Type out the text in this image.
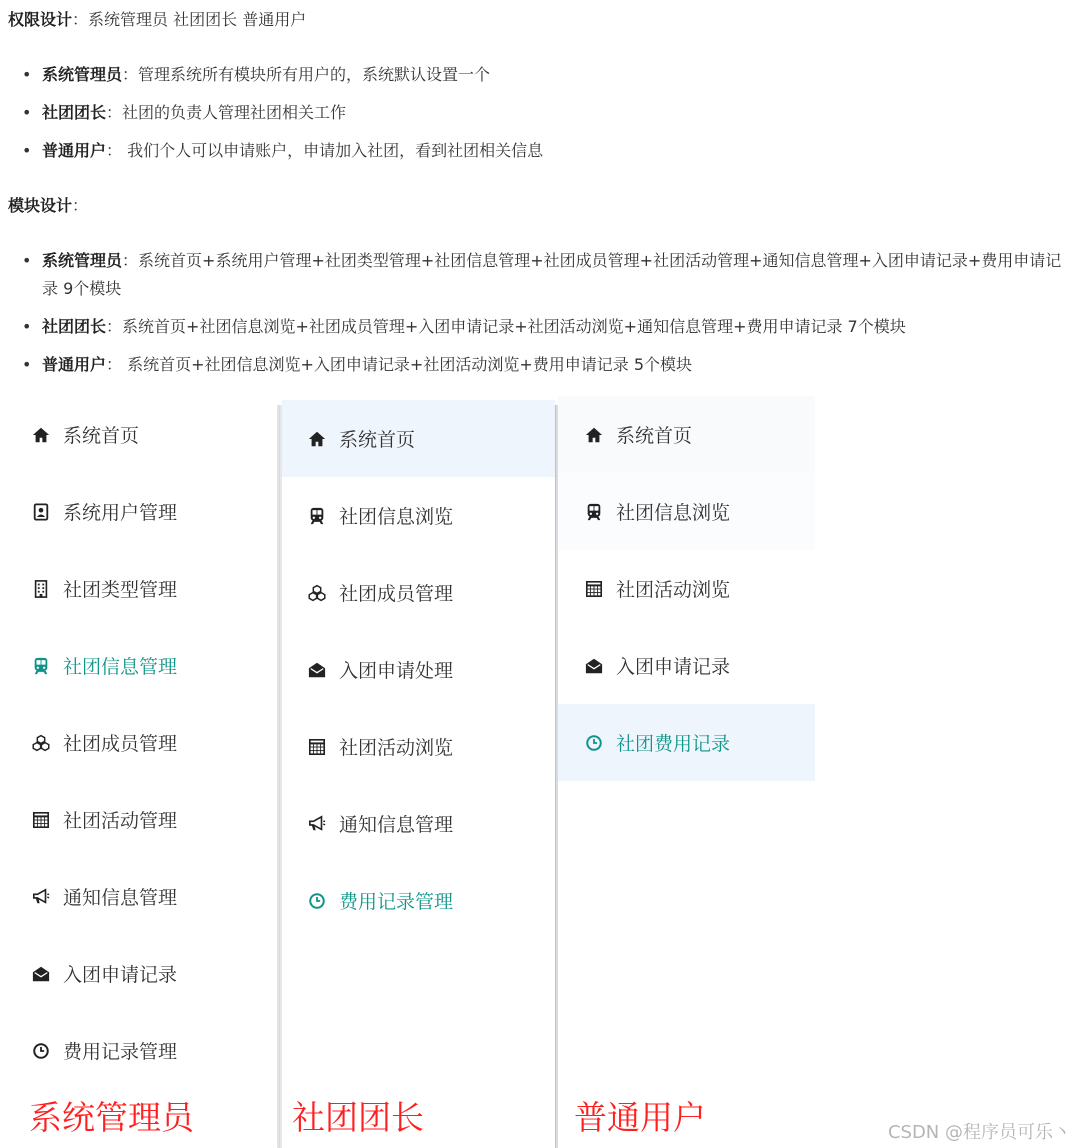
权限设计：系统管理员 社团团长 普通用户
• 系统管理员：管理系统所有模块所有用户的，系统默认设置一个
• 社团团长：社团的负责人管理社团相关工作
• 普通用户： 我们个人可以申请账户，申请加入社团，看到社团相关信息
模块设计：
• 系统管理员：系统首页+系统用户管理+社团类型管理+社团信息管理+社团成员管理+社团活动管理+通知信息管理+入团申请记录+费用申请记录 9个模块
• 社团团长：系统首页+社团信息浏览+社团成员管理+入团申请记录+社团活动浏览+通知信息管理+费用申请记录 7个模块
• 普通用户： 系统首页+社团信息浏览+入团申请记录+社团活动浏览+费用申请记录 5个模块
系统首页
系统用户管理
社团类型管理
社团信息管理
社团成员管理
社团活动管理
通知信息管理
入团申请记录
费用记录管理
系统首页
社团信息浏览
社团成员管理
入团申请处理
社团活动浏览
通知信息管理
费用记录管理
系统首页
社团信息浏览
社团活动浏览
入团申请记录
社团费用记录
系统管理员	社团团长	普通用户	CSDN @程序员可乐丶
